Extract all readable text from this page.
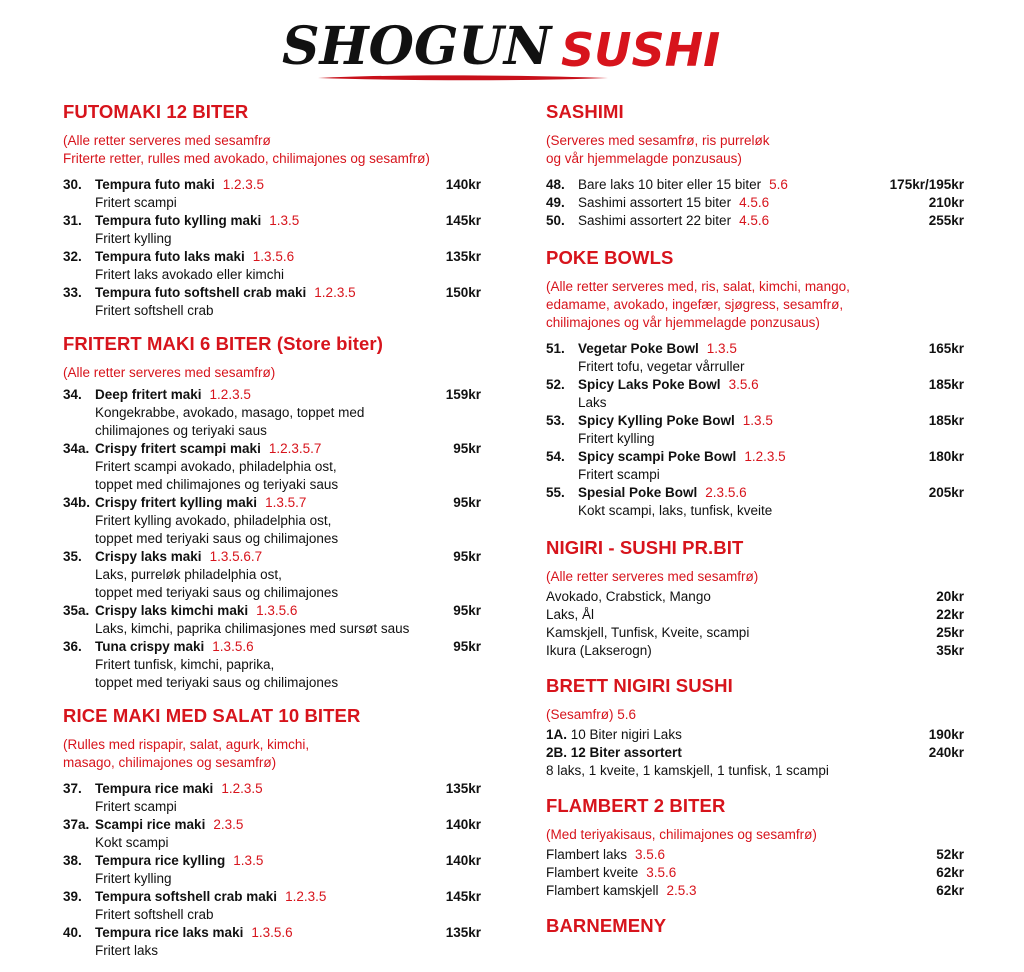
SHOGUN SUSHI
FUTOMAKI 12 BITER
(Alle retter serveres med sesamfrø
Friterte retter, rulles med avokado, chilimajones og sesamfrø)
30. Tempura futo maki 1.2.3.5	140kr
Fritert scampi
31. Tempura futo kylling maki 1.3.5	145kr
Fritert kylling
32. Tempura futo laks maki 1.3.5.6	135kr
Fritert laks avokado eller kimchi
33. Tempura futo softshell crab maki 1.2.3.5	150kr
Fritert softshell crab
FRITERT MAKI 6 BITER (Store biter)
(Alle retter serveres med sesamfrø)
34. Deep fritert maki 1.2.3.5	159kr
Kongekrabbe, avokado, masago, toppet med
chilimajones og teriyaki saus
34a. Crispy fritert scampi maki 1.2.3.5.7	95kr
Fritert scampi avokado, philadelphia ost,
toppet med chilimajones og teriyaki saus
34b. Crispy fritert kylling maki 1.3.5.7	95kr
Fritert kylling avokado, philadelphia ost,
toppet med teriyaki saus og chilimajones
35. Crispy laks maki 1.3.5.6.7	95kr
Laks, purreløk philadelphia ost,
toppet med teriyaki saus og chilimajones
35a. Crispy laks kimchi maki 1.3.5.6	95kr
Laks, kimchi, paprika chilimasjones med sursøt saus
36. Tuna crispy maki 1.3.5.6	95kr
Fritert tunfisk, kimchi, paprika,
toppet med teriyaki saus og chilimajones
RICE MAKI MED SALAT 10 BITER
(Rulles med rispapir, salat, agurk, kimchi,
masago, chilimajones og sesamfrø)
37. Tempura rice maki 1.2.3.5	135kr
Fritert scampi
37a. Scampi rice maki 2.3.5	140kr
Kokt scampi
38. Tempura rice kylling 1.3.5	140kr
Fritert kylling
39. Tempura softshell crab maki 1.2.3.5	145kr
Fritert softshell crab
40. Tempura rice laks maki 1.3.5.6	135kr
Fritert laks
SASHIMI
(Serveres med sesamfrø, ris purreløk
og vår hjemmelagde ponzusaus)
48. Bare laks 10 biter eller 15 biter 5.6	175kr/195kr
49. Sashimi assortert 15 biter 4.5.6	210kr
50. Sashimi assortert 22 biter 4.5.6	255kr
POKE BOWLS
(Alle retter serveres med, ris, salat, kimchi, mango,
edamame, avokado, ingefær, sjøgress, sesamfrø,
chilimajones og vår hjemmelagde ponzusaus)
51. Vegetar Poke Bowl 1.3.5	165kr
Fritert tofu, vegetar vårruller
52. Spicy Laks Poke Bowl 3.5.6	185kr
Laks
53. Spicy Kylling Poke Bowl 1.3.5	185kr
Fritert kylling
54. Spicy scampi Poke Bowl 1.2.3.5	180kr
Fritert scampi
55. Spesial Poke Bowl 2.3.5.6	205kr
Kokt scampi, laks, tunfisk, kveite
NIGIRI - SUSHI PR.BIT
(Alle retter serveres med sesamfrø)
Avokado, Crabstick, Mango	20kr
Laks, Ål	22kr
Kamskjell, Tunfisk, Kveite, scampi	25kr
Ikura (Lakserogn)	35kr
BRETT NIGIRI SUSHI
(Sesamfrø) 5.6
1A. 10 Biter nigiri Laks	190kr
2B. 12 Biter assortert	240kr
8 laks, 1 kveite, 1 kamskjell, 1 tunfisk, 1 scampi
FLAMBERT 2 BITER
(Med teriyakisaus, chilimajones og sesamfrø)
Flambert laks 3.5.6	52kr
Flambert kveite 3.5.6	62kr
Flambert kamskjell 2.5.3	62kr
BARNEMENY
